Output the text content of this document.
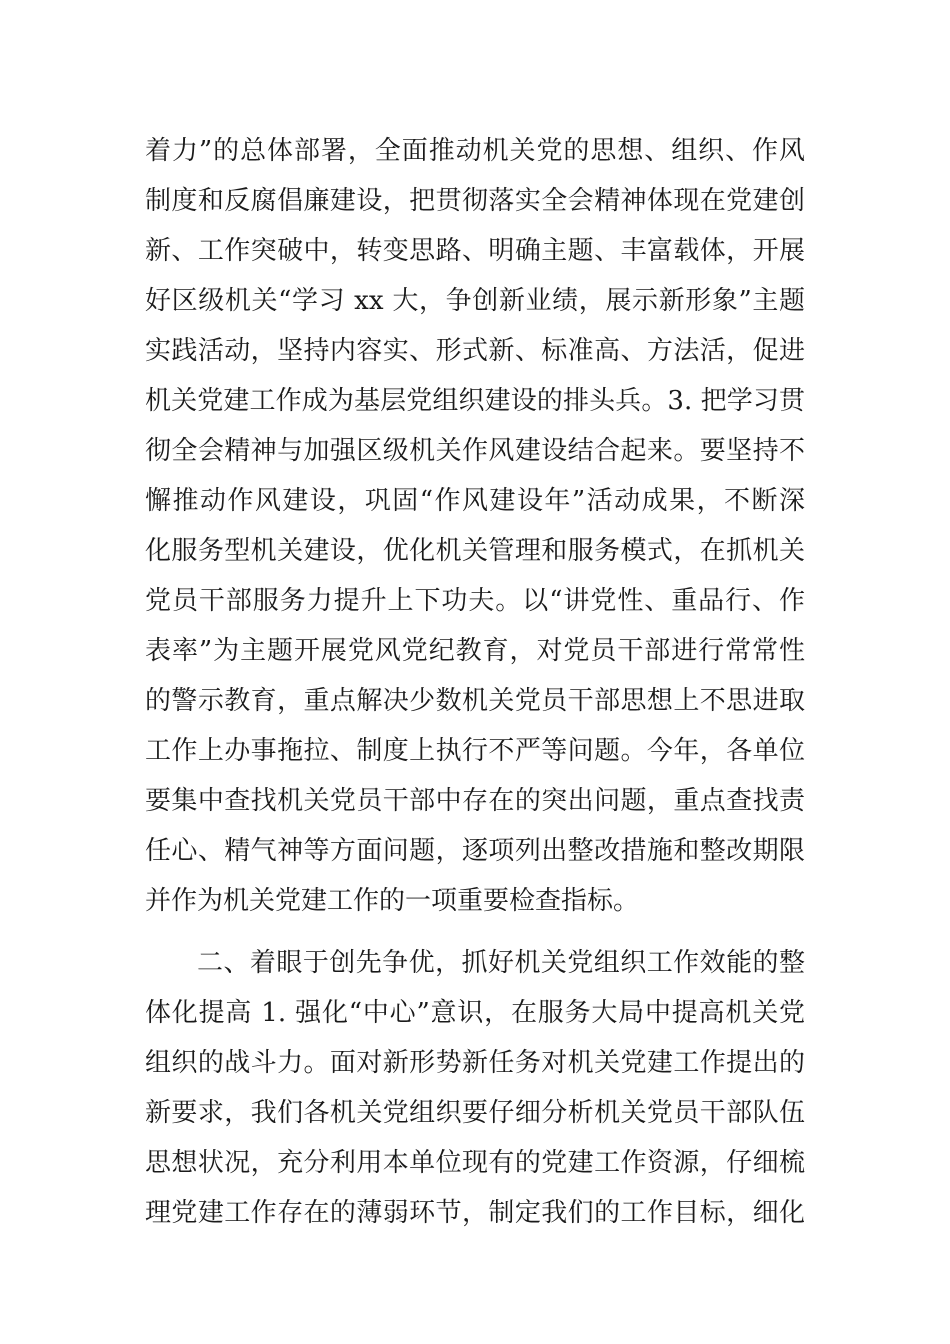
着力”的总体部署，全面推动机关党的思想、组织、作风
制度和反腐倡廉建设，把贯彻落实全会精神体现在党建创
新、工作突破中，转变思路、明确主题、丰富载体，开展
好区级机关“学习 xx 大，争创新业绩，展示新形象”主题
实践活动，坚持内容实、形式新、标准高、方法活，促进
机关党建工作成为基层党组织建设的排头兵。3. 把学习贯
彻全会精神与加强区级机关作风建设结合起来。要坚持不
懈推动作风建设，巩固“作风建设年”活动成果，不断深
化服务型机关建设，优化机关管理和服务模式，在抓机关
党员干部服务力提升上下功夫。以“讲党性、重品行、作
表率”为主题开展党风党纪教育，对党员干部进行常常性
的警示教育，重点解决少数机关党员干部思想上不思进取
工作上办事拖拉、制度上执行不严等问题。今年，各单位
要集中查找机关党员干部中存在的突出问题，重点查找责
任心、精气神等方面问题，逐项列出整改措施和整改期限
并作为机关党建工作的一项重要检查指标。
二、着眼于创先争优，抓好机关党组织工作效能的整
体化提高 1. 强化“中心”意识，在服务大局中提高机关党
组织的战斗力。面对新形势新任务对机关党建工作提出的
新要求，我们各机关党组织要仔细分析机关党员干部队伍
思想状况，充分利用本单位现有的党建工作资源，仔细梳
理党建工作存在的薄弱环节，制定我们的工作目标，细化
